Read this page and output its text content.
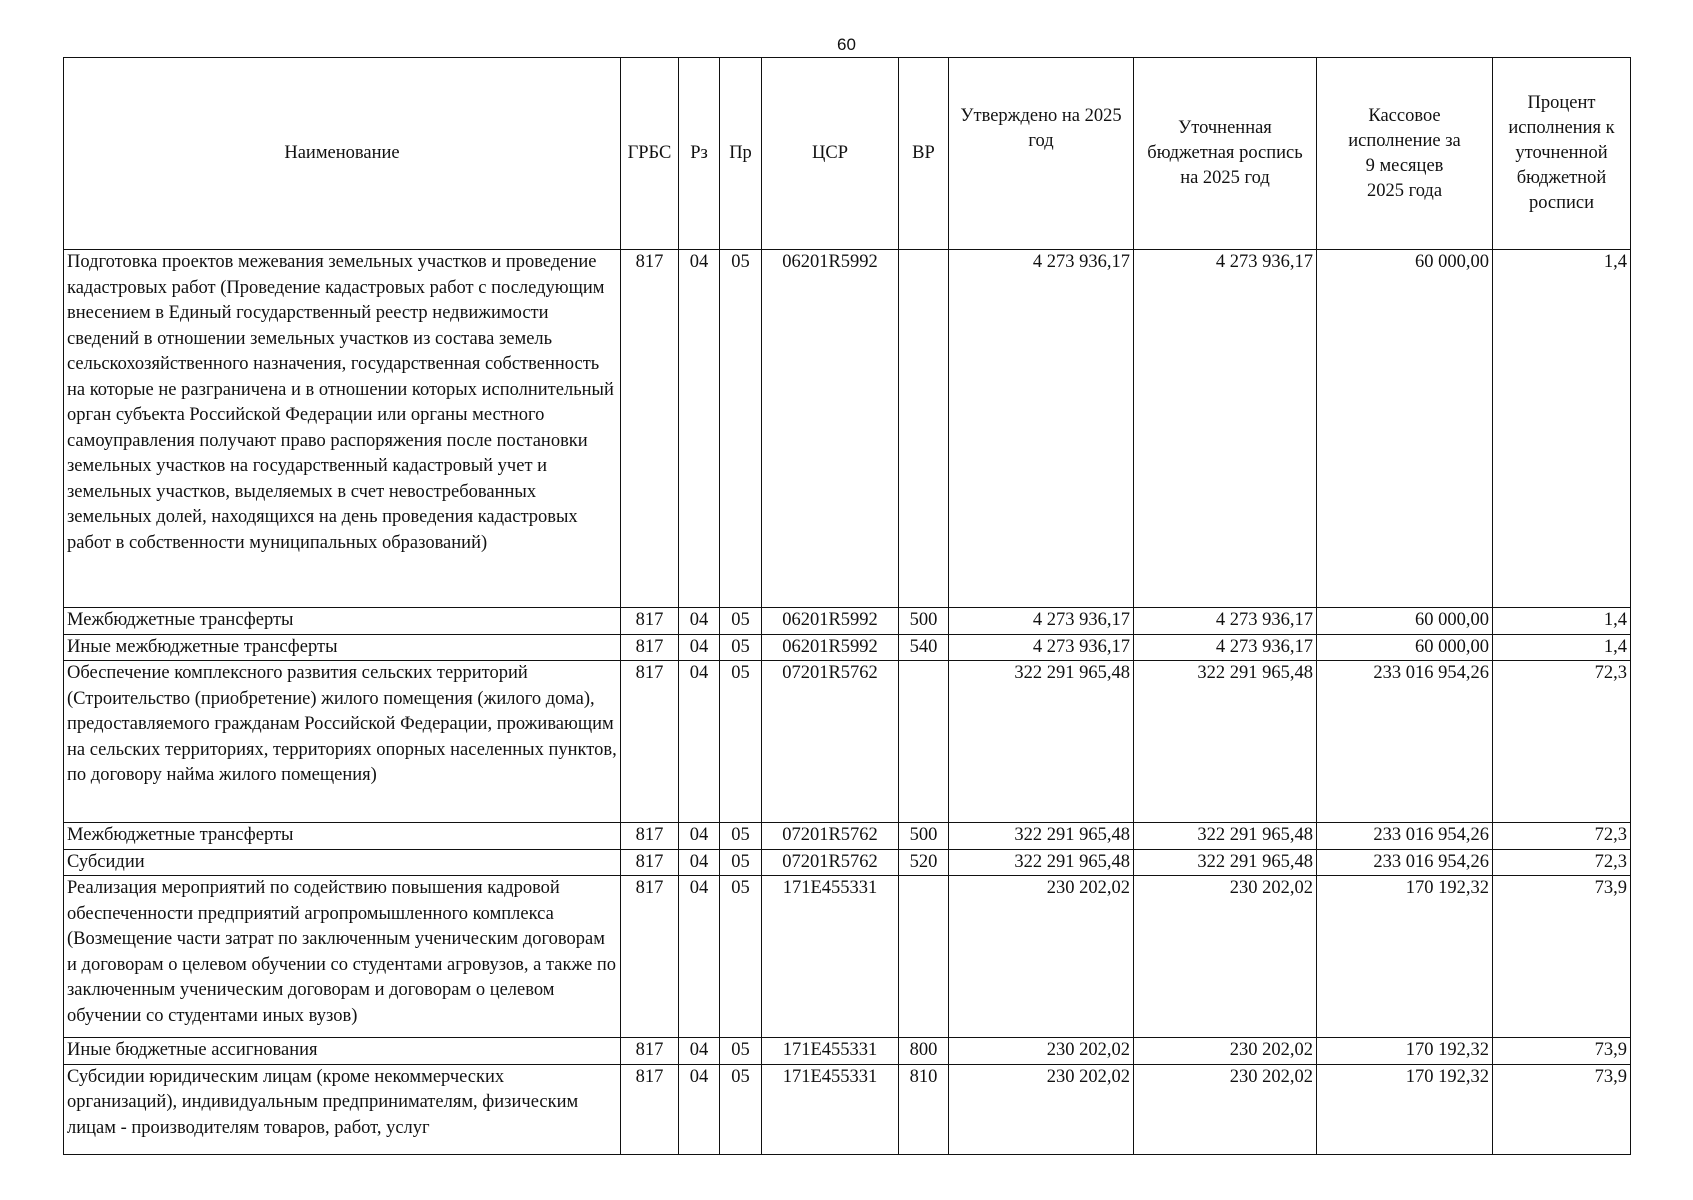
60
Наименование	ГРБС	Рз	Пр	ЦСР	ВР	Утверждено на 2025 год	Уточненная бюджетная роспись на 2025 год	Кассовое исполнение за 9 месяцев 2025 года	Процент исполнения к уточненной бюджетной росписи
Подготовка проектов межевания земельных участков и проведение кадастровых работ (Проведение кадастровых работ с последующим внесением в Единый государственный реестр недвижимости сведений в отношении земельных участков из состава земель сельскохозяйственного назначения, государственная собственность на которые не разграничена и в отношении которых исполнительный орган субъекта Российской Федерации или органы местного самоуправления получают право распоряжения после постановки земельных участков на государственный кадастровый учет и земельных участков, выделяемых в счет невостребованных земельных долей, находящихся на день проведения кадастровых работ в собственности муниципальных образований)	817	04	05	06201R5992		4 273 936,17	4 273 936,17	60 000,00	1,4
Межбюджетные трансферты	817	04	05	06201R5992	500	4 273 936,17	4 273 936,17	60 000,00	1,4
Иные межбюджетные трансферты	817	04	05	06201R5992	540	4 273 936,17	4 273 936,17	60 000,00	1,4
Обеспечение комплексного развития сельских территорий (Строительство (приобретение) жилого помещения (жилого дома), предоставляемого гражданам Российской Федерации, проживающим на сельских территориях, территориях опорных населенных пунктов, по договору найма жилого помещения)	817	04	05	07201R5762		322 291 965,48	322 291 965,48	233 016 954,26	72,3
Межбюджетные трансферты	817	04	05	07201R5762	500	322 291 965,48	322 291 965,48	233 016 954,26	72,3
Субсидии	817	04	05	07201R5762	520	322 291 965,48	322 291 965,48	233 016 954,26	72,3
Реализация мероприятий по содействию повышения кадровой обеспеченности предприятий агропромышленного комплекса (Возмещение части затрат по заключенным ученическим договорам и договорам о целевом обучении со студентами агровузов, а также по заключенным ученическим договорам и договорам о целевом обучении со студентами иных вузов)	817	04	05	171E455331		230 202,02	230 202,02	170 192,32	73,9
Иные бюджетные ассигнования	817	04	05	171E455331	800	230 202,02	230 202,02	170 192,32	73,9
Субсидии юридическим лицам (кроме некоммерческих организаций), индивидуальным предпринимателям, физическим лицам - производителям товаров, работ, услуг	817	04	05	171E455331	810	230 202,02	230 202,02	170 192,32	73,9
